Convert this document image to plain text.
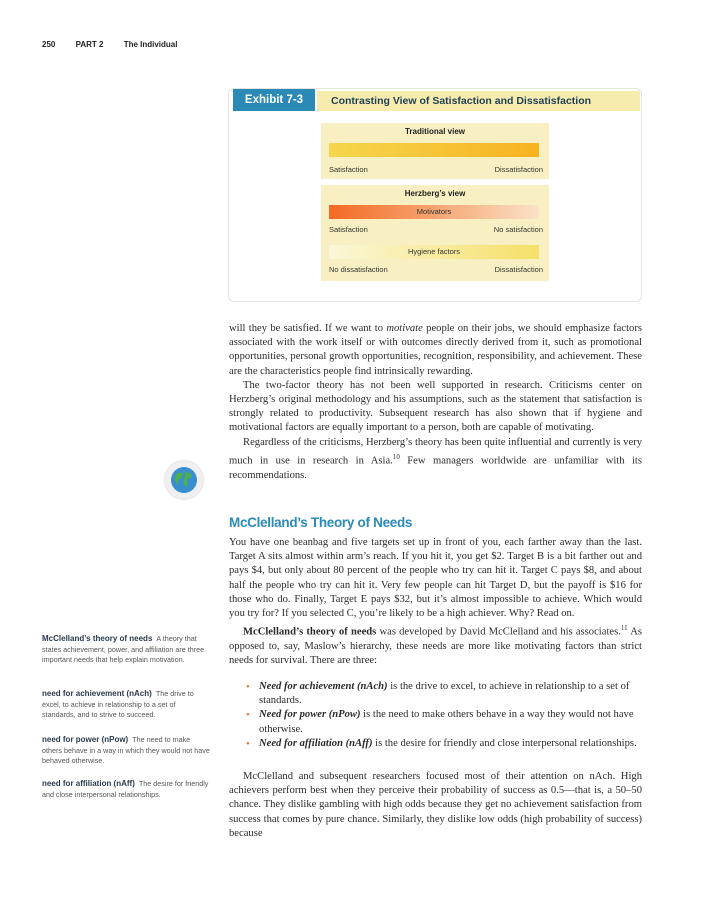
250	PART 2	The Individual
Exhibit 7-3	Contrasting View of Satisfaction and Dissatisfaction
Traditional view
Satisfaction	Dissatisfaction
Herzberg’s view
Motivators
Satisfaction	No satisfaction
Hygiene factors
No dissatisfaction	Dissatisfaction

will they be satisfied. If we want to motivate people on their jobs, we should emphasize factors associated with the work itself or with outcomes directly derived from it, such as promotional opportunities, personal growth opportunities, recognition, responsibility, and achievement. These are the characteristics people find intrinsically rewarding.

The two-factor theory has not been well supported in research. Criticisms center on Herzberg’s original methodology and his assumptions, such as the statement that satisfaction is strongly related to productivity. Subsequent research has also shown that if hygiene and motivational factors are equally important to a person, both are capable of motivating.

Regardless of the criticisms, Herzberg’s theory has been quite influential and currently is very much in use in research in Asia.$^{10}$ Few managers worldwide are unfamiliar with its recommendations.

McClelland’s Theory of Needs

You have one beanbag and five targets set up in front of you, each farther away than the last. Target A sits almost within arm’s reach. If you hit it, you get $2. Target B is a bit farther out and pays $4, but only about 80 percent of the people who try can hit it. Target C pays $8, and about half the people who try can hit it. Very few people can hit Target D, but the payoff is $16 for those who do. Finally, Target E pays $32, but it’s almost impossible to achieve. Which would you try for? If you selected C, you’re likely to be a high achiever. Why? Read on.

McClelland’s theory of needs was developed by David McClelland and his associates.$^{11}$ As opposed to, say, Maslow’s hierarchy, these needs are more like motivating factors than strict needs for survival. There are three:

• Need for achievement (nAch) is the drive to excel, to achieve in relationship to a set of standards.
• Need for power (nPow) is the need to make others behave in a way they would not have otherwise.
• Need for affiliation (nAff) is the desire for friendly and close interpersonal relationships.

McClelland and subsequent researchers focused most of their attention on nAch. High achievers perform best when they perceive their probability of success as 0.5—that is, a 50–50 chance. They dislike gambling with high odds because they get no achievement satisfaction from success that comes by pure chance. Similarly, they dislike low odds (high probability of success) because

McClelland’s theory of needs A theory that states achievement, power, and affiliation are three important needs that help explain motivation.
need for achievement (nAch) The drive to excel, to achieve in relationship to a set of standards, and to strive to succeed.
need for power (nPow) The need to make others behave in a way in which they would not have behaved otherwise.
need for affiliation (nAff) The desire for friendly and close interpersonal relationships.
